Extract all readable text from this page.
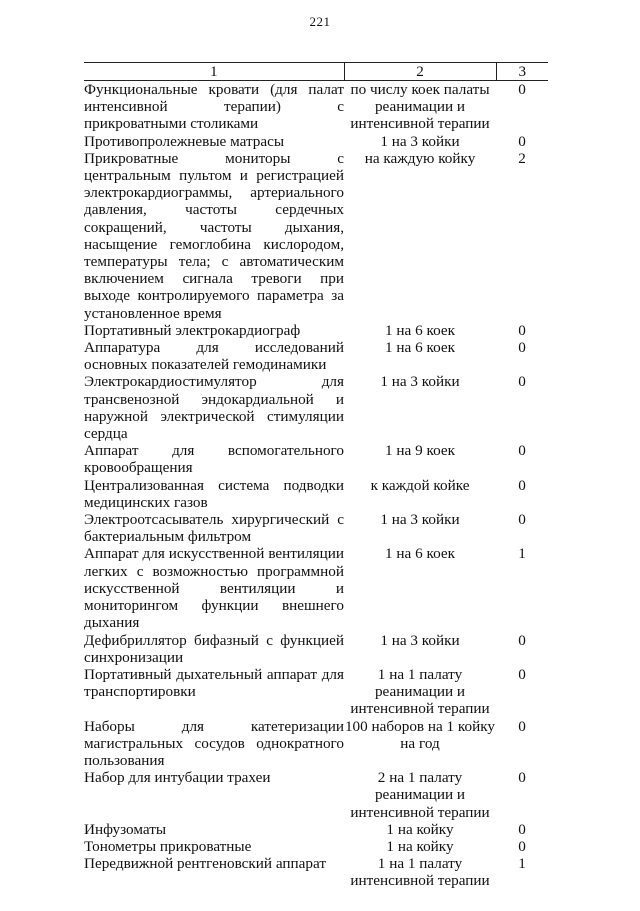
221
1	2	3
Функциональные кровати (для палат интенсивной терапии) с прикроватными столиками	по числу коек палаты реанимации и интенсивной терапии	0
Противопролежневые матрасы	1 на 3 койки	0
Прикроватные мониторы с центральным пультом и регистрацией электрокардиограммы, артериального давления, частоты сердечных сокращений, частоты дыхания, насыщение гемоглобина кислородом, температуры тела; с автоматическим включением сигнала тревоги при выходе контролируемого параметра за установленное время	на каждую койку	2
Портативный электрокардиограф	1 на 6 коек	0
Аппаратура для исследований основных показателей гемодинамики	1 на 6 коек	0
Электрокардиостимулятор для трансвенозной эндокардиальной и наружной электрической стимуляции сердца	1 на 3 койки	0
Аппарат для вспомогательного кровообращения	1 на 9 коек	0
Централизованная система подводки медицинских газов	к каждой койке	0
Электроотсасыватель хирургический с бактериальным фильтром	1 на 3 койки	0
Аппарат для искусственной вентиляции легких с возможностью программной искусственной вентиляции и мониторингом функции внешнего дыхания	1 на 6 коек	1
Дефибриллятор бифазный с функцией синхронизации	1 на 3 койки	0
Портативный дыхательный аппарат для транспортировки	1 на 1 палату реанимации и интенсивной терапии	0
Наборы для катетеризации магистральных сосудов однократного пользования	100 наборов на 1 койку на год	0
Набор для интубации трахеи	2 на 1 палату реанимации и интенсивной терапии	0
Инфузоматы	1 на койку	0
Тонометры прикроватные	1 на койку	0
Передвижной рентгеновский аппарат	1 на 1 палату интенсивной терапии	1
